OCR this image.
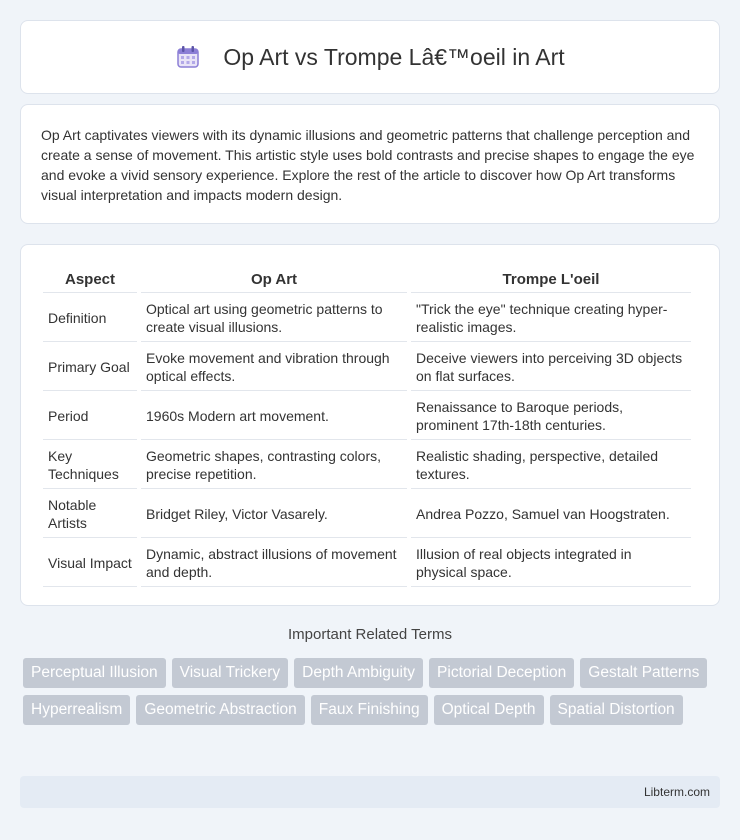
Op Art vs Trompe Lâ€™oeil in Art

Op Art captivates viewers with its dynamic illusions and geometric patterns that challenge perception and create a sense of movement. This artistic style uses bold contrasts and precise shapes to engage the eye and evoke a vivid sensory experience. Explore the rest of the article to discover how Op Art transforms visual interpretation and impacts modern design.

Aspect	Op Art	Trompe L'oeil
Definition	Optical art using geometric patterns to create visual illusions.	"Trick the eye" technique creating hyper-realistic images.
Primary Goal	Evoke movement and vibration through optical effects.	Deceive viewers into perceiving 3D objects on flat surfaces.
Period	1960s Modern art movement.	Renaissance to Baroque periods, prominent 17th-18th centuries.
Key Techniques	Geometric shapes, contrasting colors, precise repetition.	Realistic shading, perspective, detailed textures.
Notable Artists	Bridget Riley, Victor Vasarely.	Andrea Pozzo, Samuel van Hoogstraten.
Visual Impact	Dynamic, abstract illusions of movement and depth.	Illusion of real objects integrated in physical space.
Important Related Terms
Perceptual Illusion	Visual Trickery	Depth Ambiguity	Pictorial Deception	Gestalt Patterns
Hyperrealism	Geometric Abstraction	Faux Finishing	Optical Depth	Spatial Distortion
Libterm.com
